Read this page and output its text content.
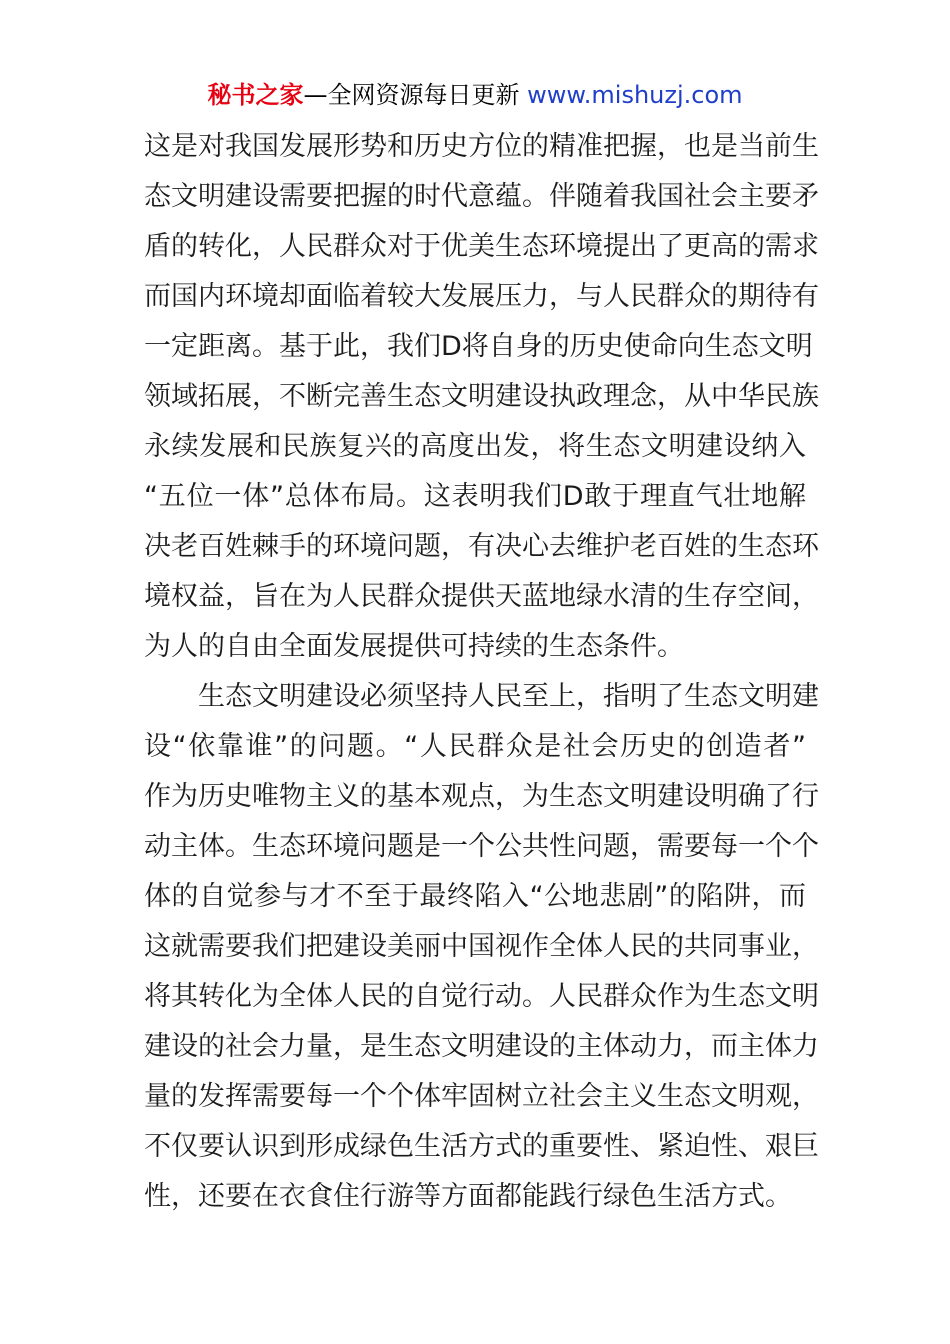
秘书之家—全网资源每日更新 www.mishuzj.com
这是对我国发展形势和历史方位的精准把握，也是当前生
态文明建设需要把握的时代意蕴。伴随着我国社会主要矛
盾的转化，人民群众对于优美生态环境提出了更高的需求
而国内环境却面临着较大发展压力，与人民群众的期待有
一定距离。基于此，我们D将自身的历史使命向生态文明
领域拓展，不断完善生态文明建设执政理念，从中华民族
永续发展和民族复兴的高度出发，将生态文明建设纳入
“五位一体”总体布局。这表明我们D敢于理直气壮地解
决老百姓棘手的环境问题，有决心去维护老百姓的生态环
境权益，旨在为人民群众提供天蓝地绿水清的生存空间，
为人的自由全面发展提供可持续的生态条件。
生态文明建设必须坚持人民至上，指明了生态文明建
设“依靠谁”的问题。“人民群众是社会历史的创造者”
作为历史唯物主义的基本观点，为生态文明建设明确了行
动主体。生态环境问题是一个公共性问题，需要每一个个
体的自觉参与才不至于最终陷入“公地悲剧”的陷阱，而
这就需要我们把建设美丽中国视作全体人民的共同事业，
将其转化为全体人民的自觉行动。人民群众作为生态文明
建设的社会力量，是生态文明建设的主体动力，而主体力
量的发挥需要每一个个体牢固树立社会主义生态文明观，
不仅要认识到形成绿色生活方式的重要性、紧迫性、艰巨
性，还要在衣食住行游等方面都能践行绿色生活方式。
